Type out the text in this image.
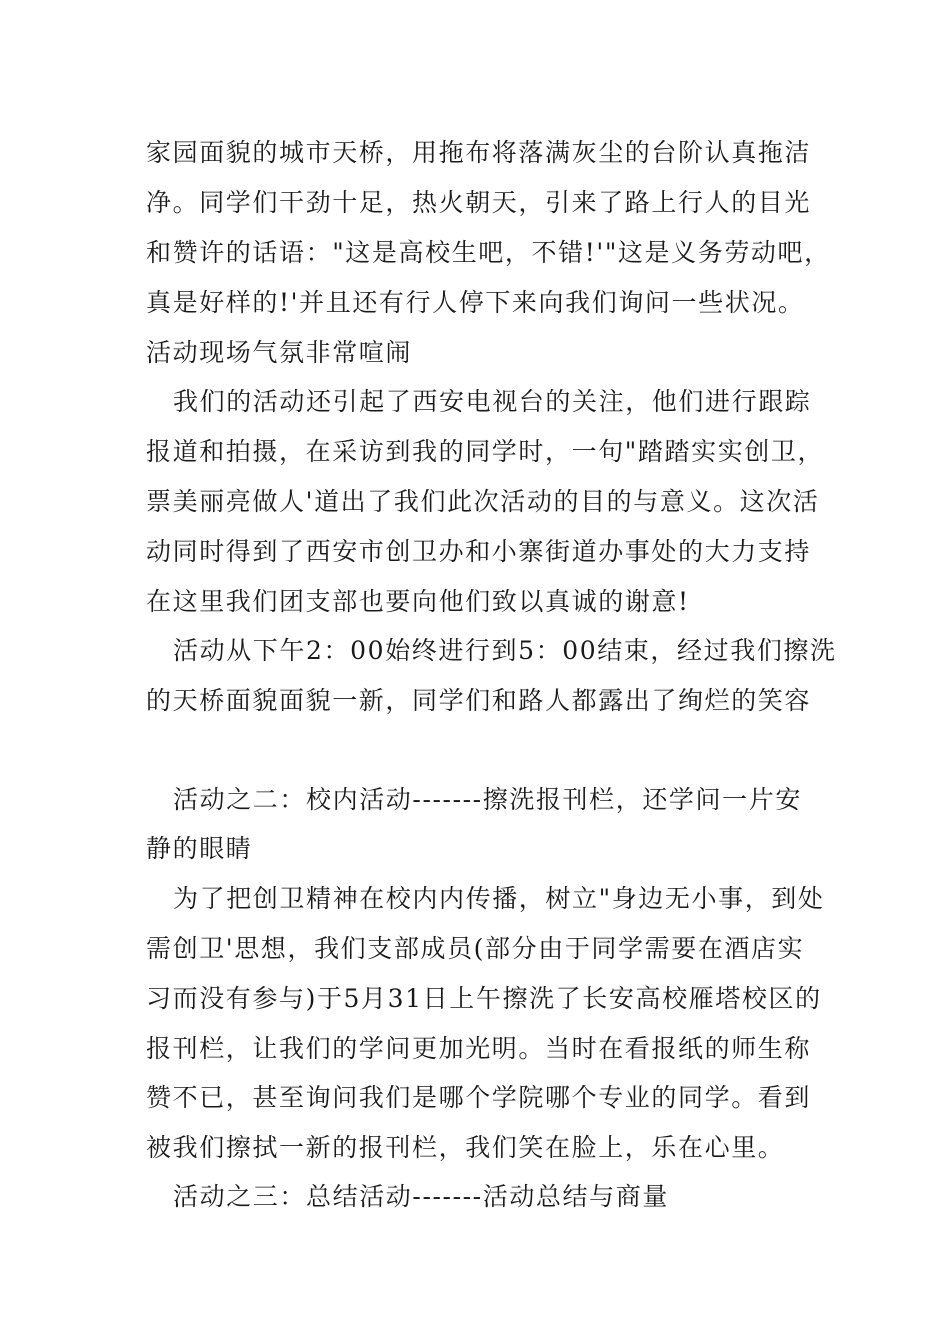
家园面貌的城市天桥，用拖布将落满灰尘的台阶认真拖洁
净。同学们干劲十足，热火朝天，引来了路上行人的目光
和赞许的话语："这是高校生吧，不错!'"这是义务劳动吧，
真是好样的!'并且还有行人停下来向我们询问一些状况。
活动现场气氛非常喧闹
我们的活动还引起了西安电视台的关注，他们进行跟踪
报道和拍摄，在采访到我的同学时，一句"踏踏实实创卫，
票美丽亮做人'道出了我们此次活动的目的与意义。这次活
动同时得到了西安市创卫办和小寨街道办事处的大力支持
在这里我们团支部也要向他们致以真诚的谢意!
活动从下午2：00始终进行到5：00结束，经过我们擦洗
的天桥面貌面貌一新，同学们和路人都露出了绚烂的笑容
活动之二：校内活动-------擦洗报刊栏，还学问一片安
静的眼睛
为了把创卫精神在校内内传播，树立"身边无小事，到处
需创卫'思想，我们支部成员(部分由于同学需要在酒店实
习而没有参与)于5月31日上午擦洗了长安高校雁塔校区的
报刊栏，让我们的学问更加光明。当时在看报纸的师生称
赞不已，甚至询问我们是哪个学院哪个专业的同学。看到
被我们擦拭一新的报刊栏，我们笑在脸上，乐在心里。
活动之三：总结活动-------活动总结与商量
